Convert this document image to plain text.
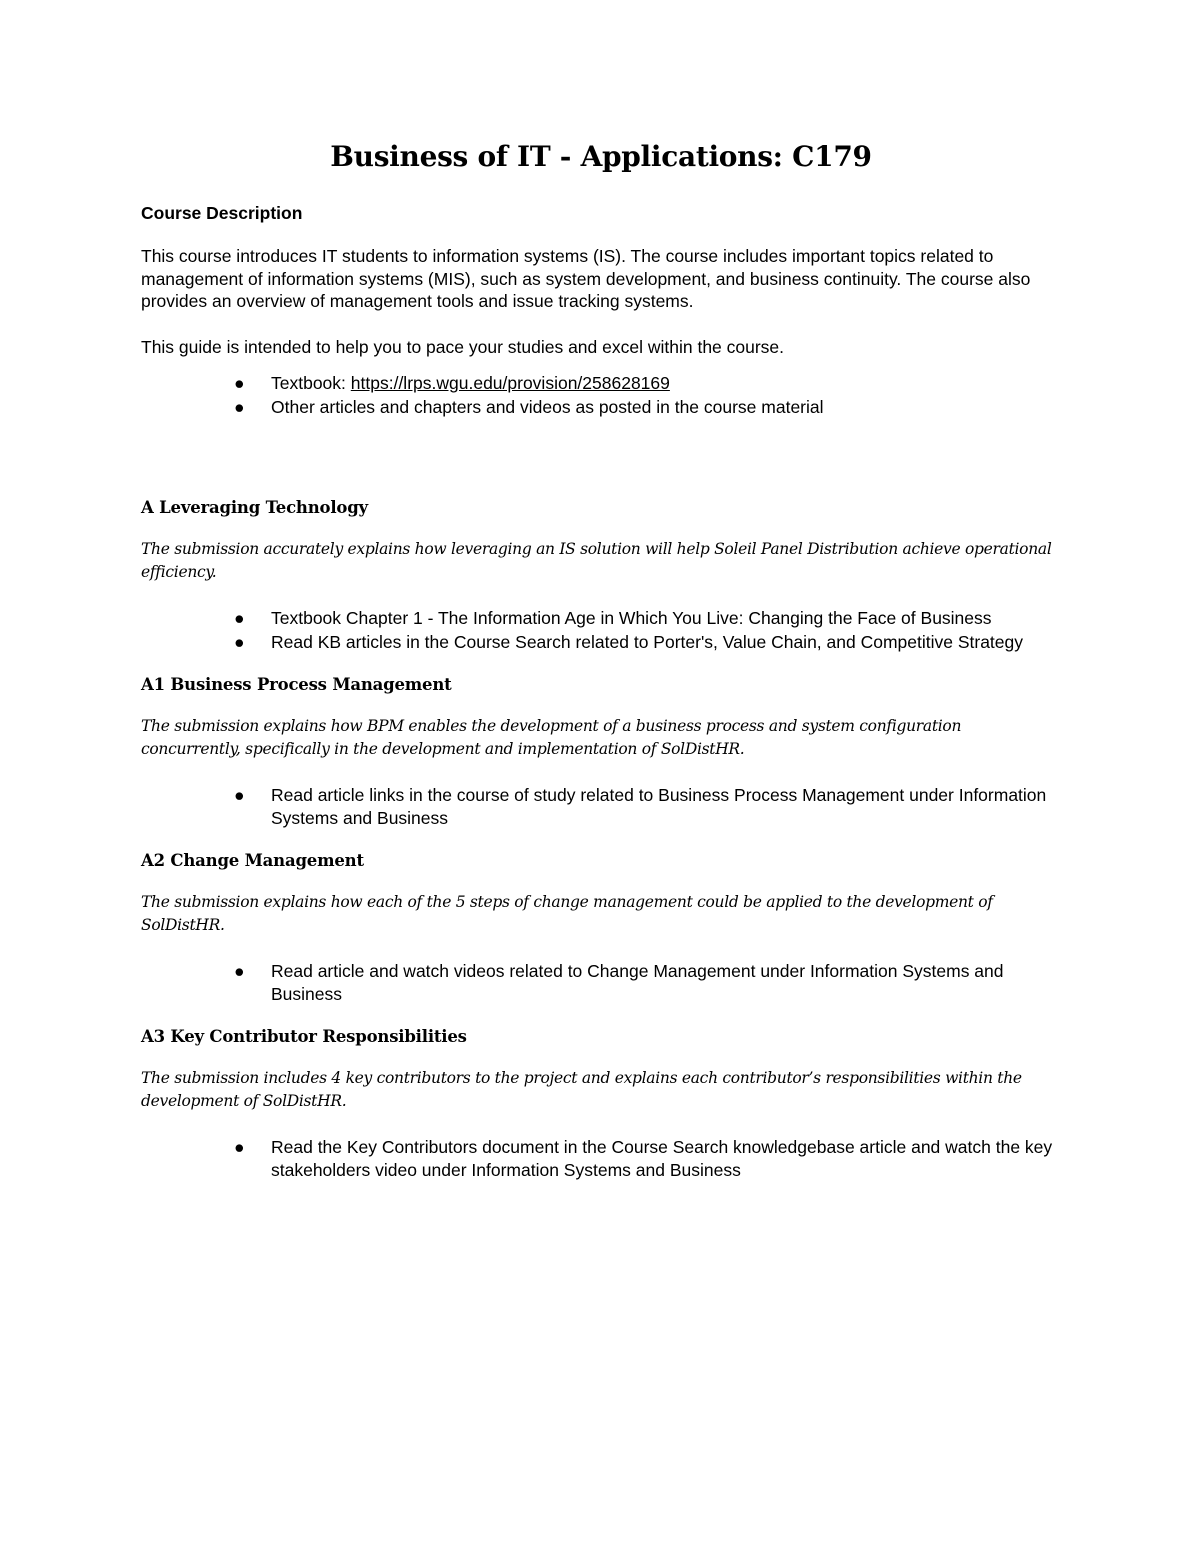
Business of IT - Applications: C179
Course Description

This course introduces IT students to information systems (IS). The course includes important topics related to management of information systems (MIS), such as system development, and business continuity. The course also provides an overview of management tools and issue tracking systems.

This guide is intended to help you to pace your studies and excel within the course.

● Textbook: https://lrps.wgu.edu/provision/258628169
● Other articles and chapters and videos as posted in the course material
A Leveraging Technology

The submission accurately explains how leveraging an IS solution will help Soleil Panel Distribution achieve operational efficiency.

● Textbook Chapter 1 - The Information Age in Which You Live: Changing the Face of Business
● Read KB articles in the Course Search related to Porter's, Value Chain, and Competitive Strategy
A1 Business Process Management

The submission explains how BPM enables the development of a business process and system configuration concurrently, specifically in the development and implementation of SolDistHR.

● Read article links in the course of study related to Business Process Management under Information Systems and Business
A2 Change Management

The submission explains how each of the 5 steps of change management could be applied to the development of SolDistHR.

● Read article and watch videos related to Change Management under Information Systems and Business
A3 Key Contributor Responsibilities

The submission includes 4 key contributors to the project and explains each contributor’s responsibilities within the development of SolDistHR.

● Read the Key Contributors document in the Course Search knowledgebase article and watch the key stakeholders video under Information Systems and Business
